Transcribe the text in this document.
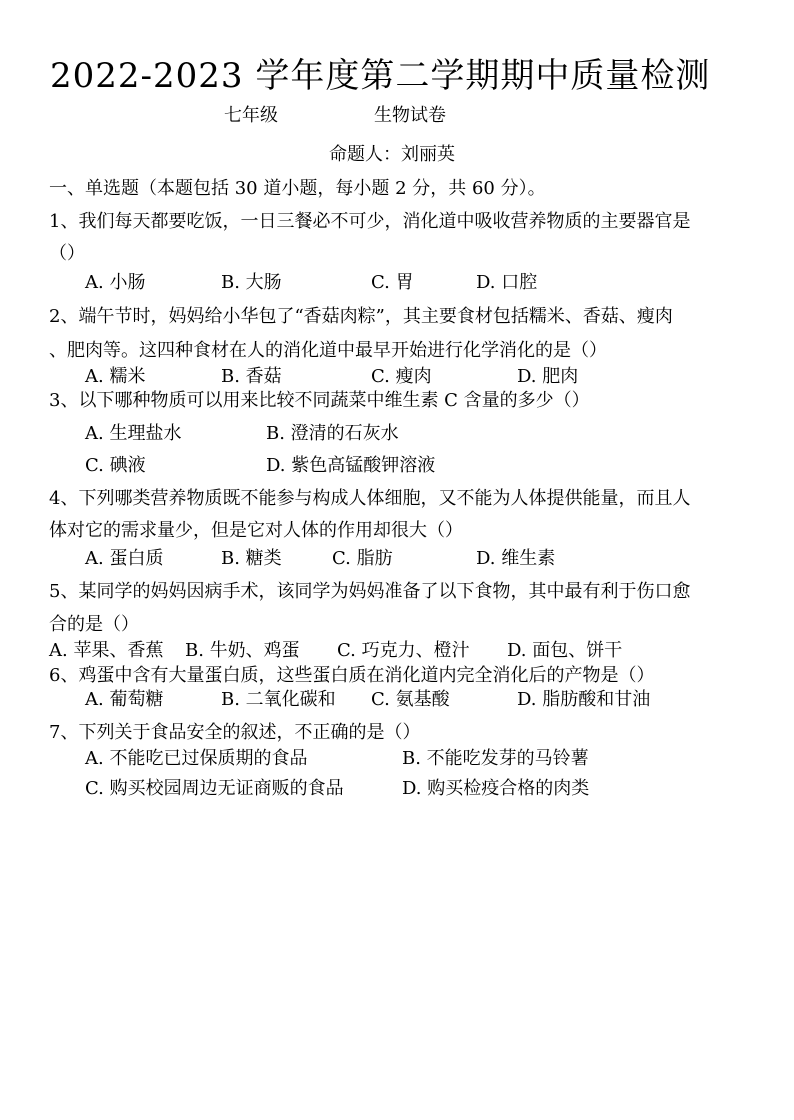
2022-2023 学年度第二学期期中质量检测
七年级	生物试卷
命题人：刘丽英
一、单选题（本题包括 30 道小题，每小题 2 分，共 60 分）。
1、我们每天都要吃饭，一日三餐必不可少，消化道中吸收营养物质的主要器官是
（）
A. 小肠	B. 大肠	C. 胃	D. 口腔
2、端午节时，妈妈给小华包了“香菇肉粽”，其主要食材包括糯米、香菇、瘦肉
、肥肉等。这四种食材在人的消化道中最早开始进行化学消化的是（）
A. 糯米	B. 香菇	C. 瘦肉	D. 肥肉
3、以下哪种物质可以用来比较不同蔬菜中维生素 C 含量的多少（）
A. 生理盐水	B. 澄清的石灰水
C. 碘液	D. 紫色高锰酸钾溶液
4、下列哪类营养物质既不能参与构成人体细胞，又不能为人体提供能量，而且人
体对它的需求量少，但是它对人体的作用却很大（）
A. 蛋白质	B. 糖类	C. 脂肪	D. 维生素
5、某同学的妈妈因病手术，该同学为妈妈准备了以下食物，其中最有利于伤口愈
合的是（）
A. 苹果、香蕉 B. 牛奶、鸡蛋 C. 巧克力、橙汁 D. 面包、饼干
6、鸡蛋中含有大量蛋白质，这些蛋白质在消化道内完全消化后的产物是（）
A. 葡萄糖	B. 二氧化碳和 C. 氨基酸	D. 脂肪酸和甘油
7、下列关于食品安全的叙述，不正确的是（）
A. 不能吃已过保质期的食品	B. 不能吃发芽的马铃薯
C. 购买校园周边无证商贩的食品	D. 购买检疫合格的肉类
